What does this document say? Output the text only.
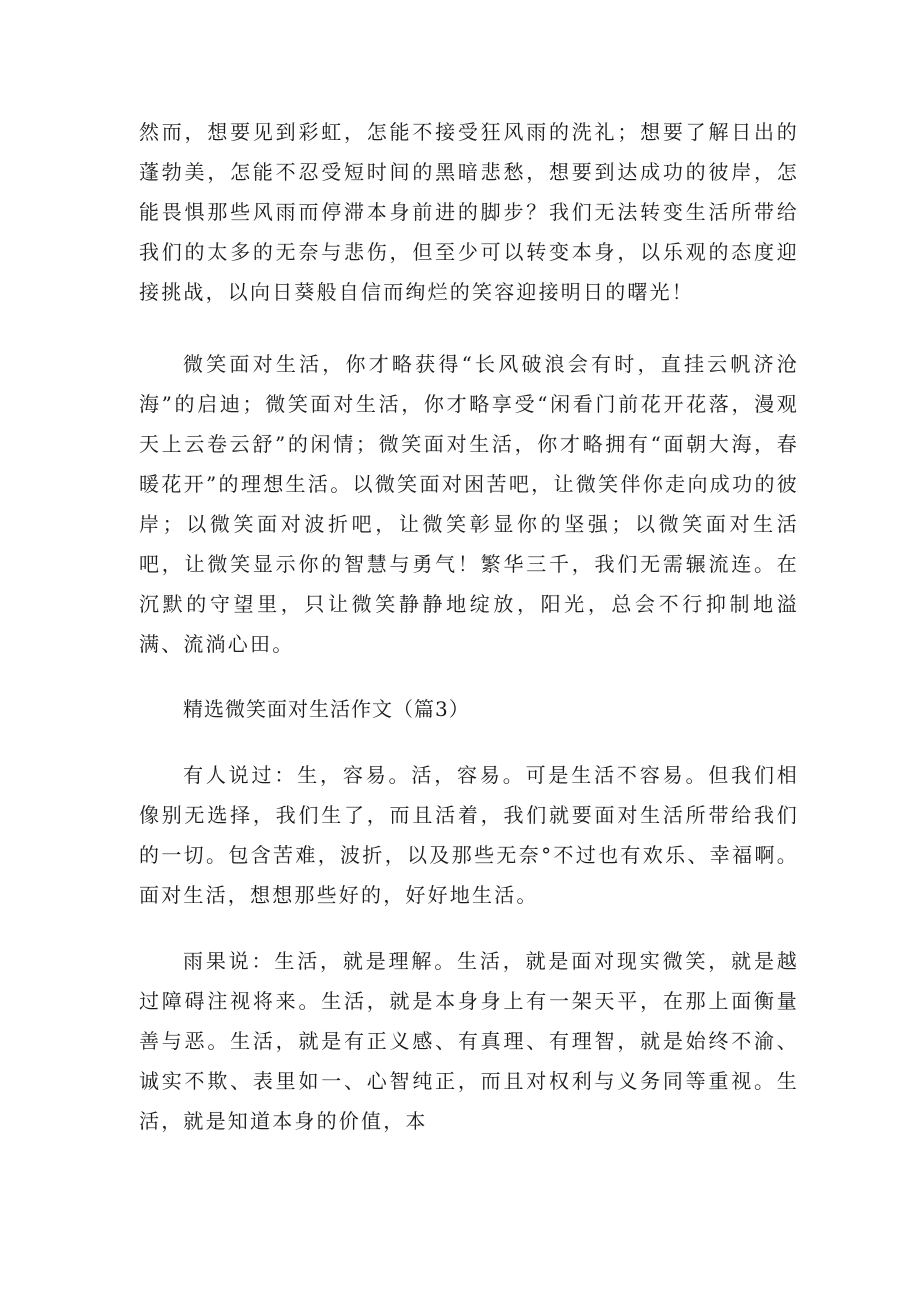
然而，想要见到彩虹，怎能不接受狂风雨的洗礼；想要了解日出的蓬勃美，怎能不忍受短时间的黑暗悲愁，想要到达成功的彼岸，怎能畏惧那些风雨而停滞本身前进的脚步？我们无法转变生活所带给我们的太多的无奈与悲伤，但至少可以转变本身，以乐观的态度迎接挑战，以向日葵般自信而绚烂的笑容迎接明日的曙光！

微笑面对生活，你才略获得“长风破浪会有时，直挂云帆济沧海”的启迪；微笑面对生活，你才略享受“闲看门前花开花落，漫观天上云卷云舒”的闲情；微笑面对生活，你才略拥有“面朝大海，春暖花开”的理想生活。以微笑面对困苦吧，让微笑伴你走向成功的彼岸；以微笑面对波折吧，让微笑彰显你的坚强；以微笑面对生活吧，让微笑显示你的智慧与勇气！繁华三千，我们无需辗流连。在沉默的守望里，只让微笑静静地绽放，阳光，总会不行抑制地溢满、流淌心田。

精选微笑面对生活作文（篇3）

有人说过：生，容易。活，容易。可是生活不容易。但我们相像别无选择，我们生了，而且活着，我们就要面对生活所带给我们的一切。包含苦难，波折，以及那些无奈°不过也有欢乐、幸福啊。面对生活，想想那些好的，好好地生活。

雨果说：生活，就是理解。生活，就是面对现实微笑，就是越过障碍注视将来。生活，就是本身身上有一架天平，在那上面衡量善与恶。生活，就是有正义感、有真理、有理智，就是始终不渝、诚实不欺、表里如一、心智纯正，而且对权利与义务同等重视。生活，就是知道本身的价值，本
